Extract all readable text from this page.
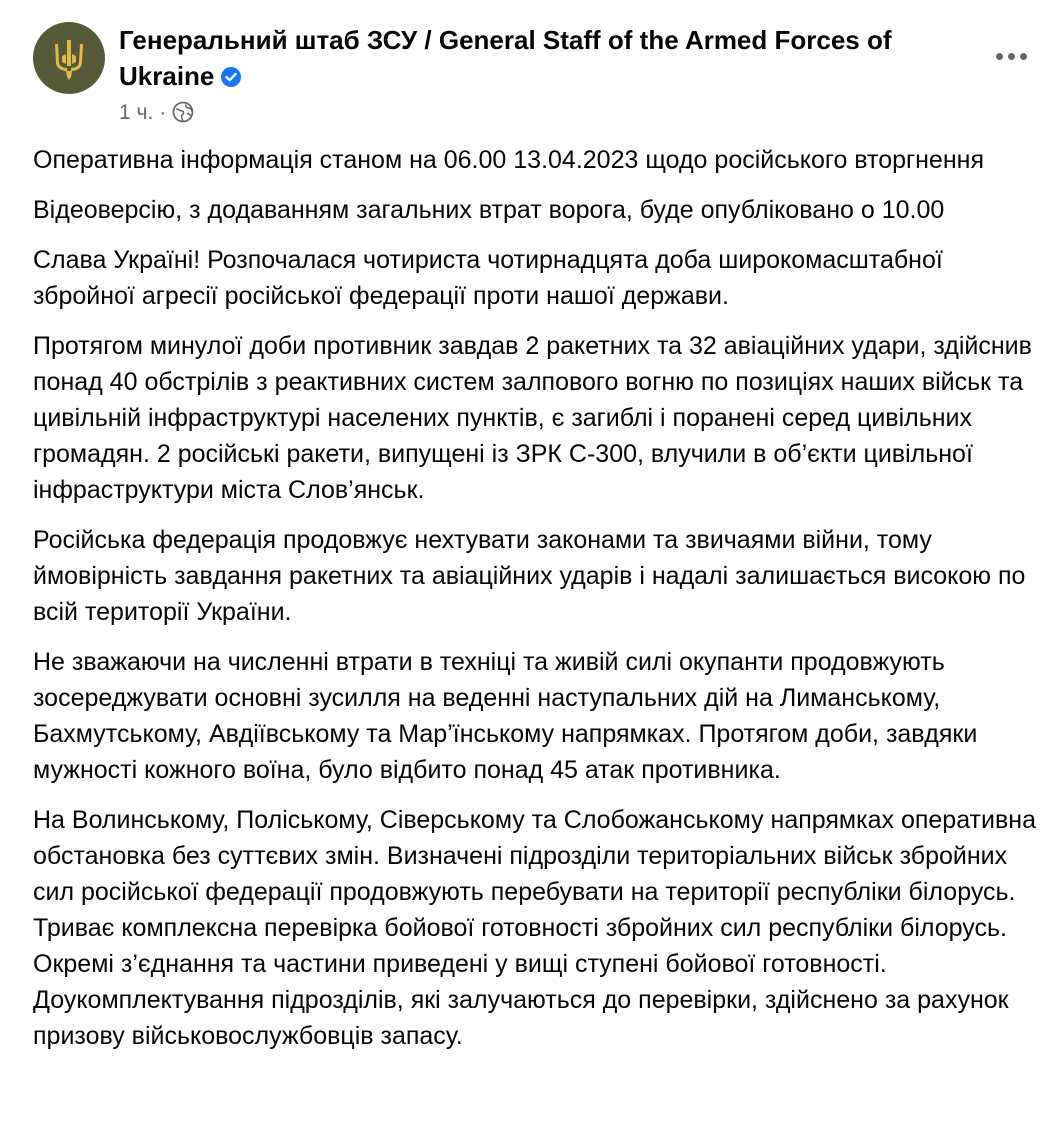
Генеральний штаб ЗСУ / General Staff of the Armed Forces of Ukraine
1 ч. ·

Оперативна інформація станом на 06.00 13.04.2023 щодо російського вторгнення

Відеоверсію, з додаванням загальних втрат ворога, буде опубліковано о 10.00

Слава Україні! Розпочалася чотириста чотирнадцята доба широкомасштабної збройної агресії російської федерації проти нашої держави.

Протягом минулої доби противник завдав 2 ракетних та 32 авіаційних удари, здійснив понад 40 обстрілів з реактивних систем залпового вогню по позиціях наших військ та цивільній інфраструктурі населених пунктів, є загиблі і поранені серед цивільних громадян. 2 російські ракети, випущені із ЗРК С-300, влучили в об’єкти цивільної інфраструктури міста Слов’янськ.

Російська федерація продовжує нехтувати законами та звичаями війни, тому ймовірність завдання ракетних та авіаційних ударів і надалі залишається високою по всій території України.

Не зважаючи на численні втрати в техніці та живій силі окупанти продовжують зосереджувати основні зусилля на веденні наступальних дій на Лиманському, Бахмутському, Авдіївському та Мар’їнському напрямках. Протягом доби, завдяки мужності кожного воїна, було відбито понад 45 атак противника.

На Волинському, Поліському, Сіверському та Слобожанському напрямках оперативна обстановка без суттєвих змін. Визначені підрозділи територіальних військ збройних сил російської федерації продовжують перебувати на території республіки білорусь. Триває комплексна перевірка бойової готовності збройних сил республіки білорусь. Окремі з’єднання та частини приведені у вищі ступені бойової готовності. Доукомплектування підрозділів, які залучаються до перевірки, здійснено за рахунок призову військовослужбовців запасу.
